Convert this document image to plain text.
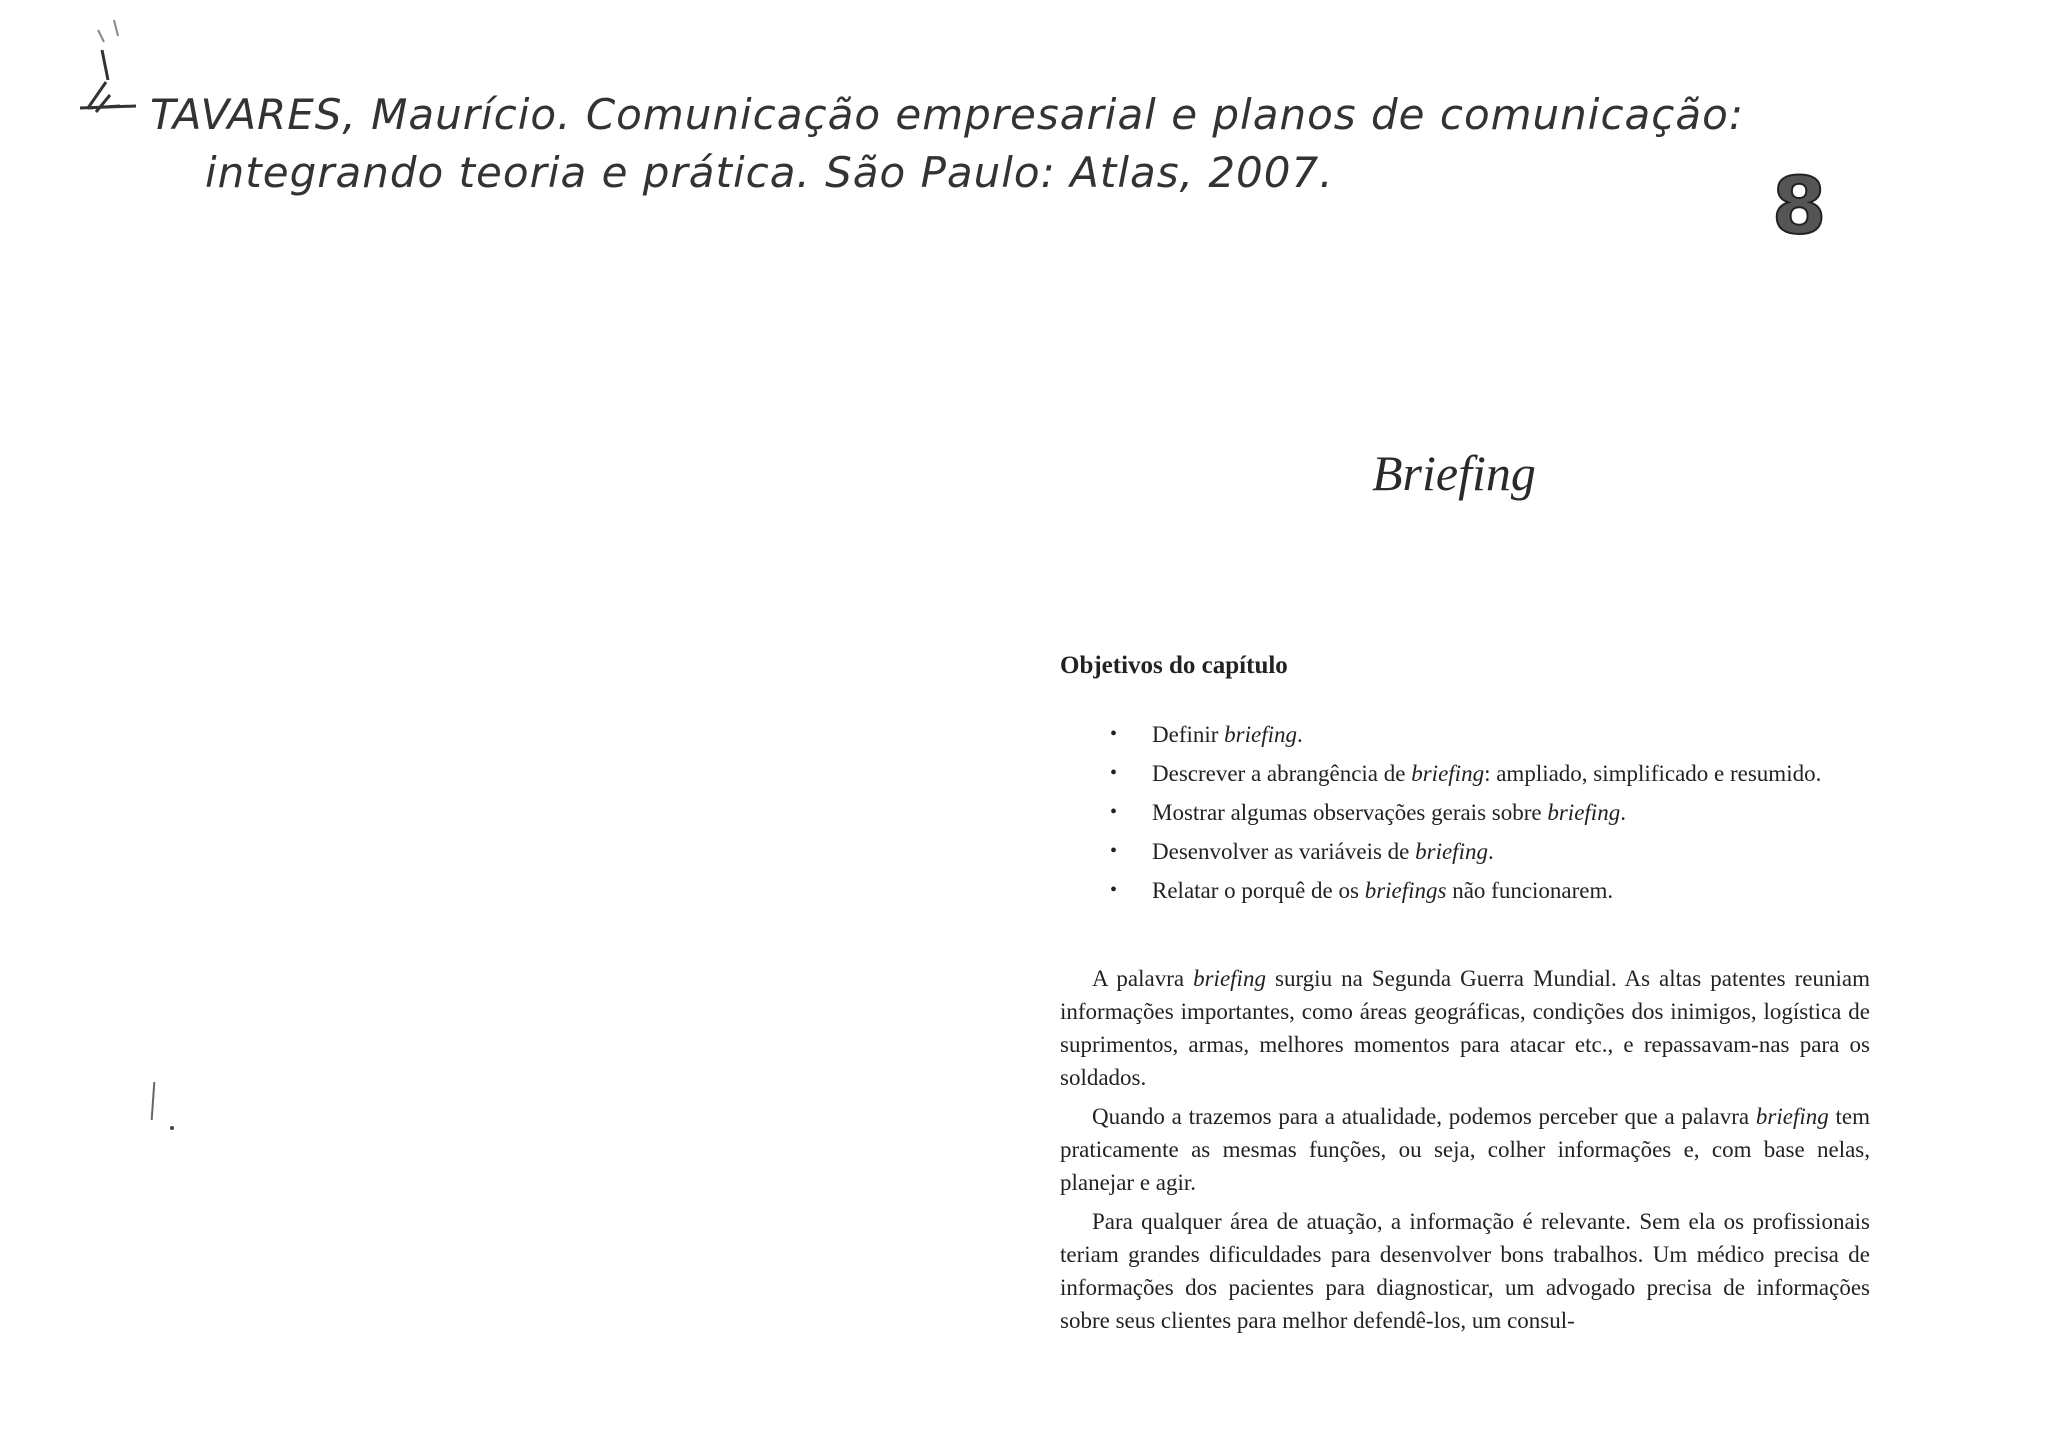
TAVARES, Maurício. Comunicação empresarial e planos de comunicação:
integrando teoria e prática. São Paulo: Atlas, 2007.	8
Briefing
Objetivos do capítulo
• Definir briefing.
• Descrever a abrangência de briefing: ampliado, simplificado e resumido.
• Mostrar algumas observações gerais sobre briefing.
• Desenvolver as variáveis de briefing.
• Relatar o porquê de os briefings não funcionarem.

A palavra briefing surgiu na Segunda Guerra Mundial. As altas patentes reuniam informações importantes, como áreas geográficas, condições dos inimigos, logística de suprimentos, armas, melhores momentos para atacar etc., e repassavam-nas para os soldados.

Quando a trazemos para a atualidade, podemos perceber que a palavra briefing tem praticamente as mesmas funções, ou seja, colher informações e, com base nelas, planejar e agir.

Para qualquer área de atuação, a informação é relevante. Sem ela os profissionais teriam grandes dificuldades para desenvolver bons trabalhos. Um médico precisa de informações dos pacientes para diagnosticar, um advogado precisa de informações sobre seus clientes para melhor defendê-los, um consul-
